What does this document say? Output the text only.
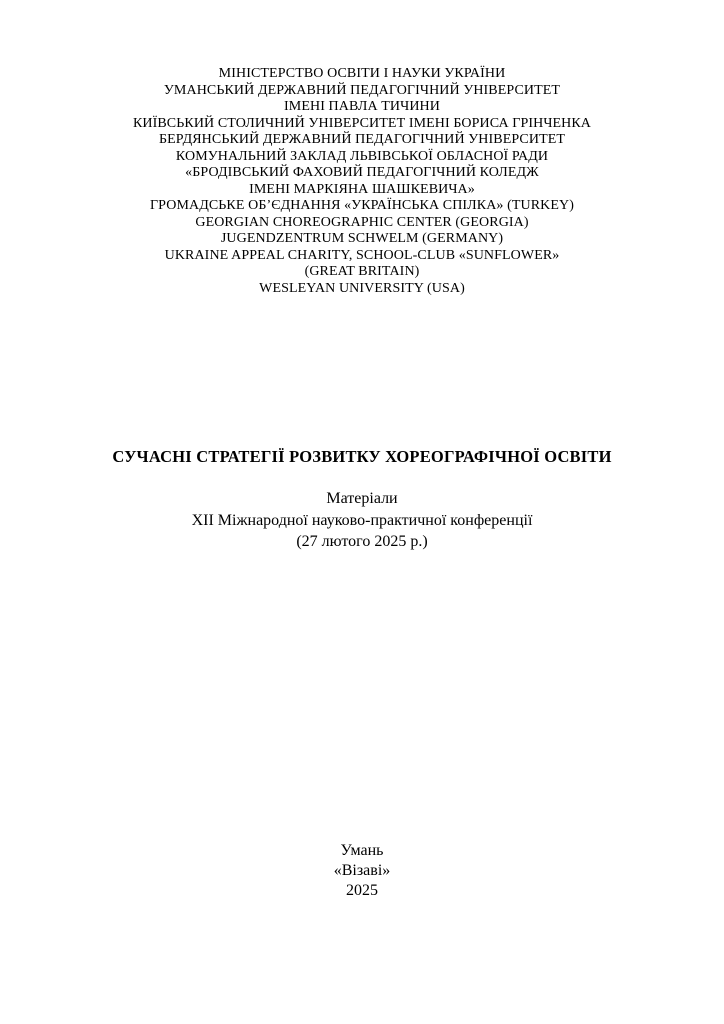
МІНІСТЕРСТВО ОСВІТИ І НАУКИ УКРАЇНИ
УМАНСЬКИЙ ДЕРЖАВНИЙ ПЕДАГОГІЧНИЙ УНІВЕРСИТЕТ
ІМЕНІ ПАВЛА ТИЧИНИ
КИЇВСЬКИЙ СТОЛИЧНИЙ УНІВЕРСИТЕТ ІМЕНІ БОРИСА ГРІНЧЕНКА
БЕРДЯНСЬКИЙ ДЕРЖАВНИЙ ПЕДАГОГІЧНИЙ УНІВЕРСИТЕТ
КОМУНАЛЬНИЙ ЗАКЛАД ЛЬВІВСЬКОЇ ОБЛАСНОЇ РАДИ
«БРОДІВСЬКИЙ ФАХОВИЙ ПЕДАГОГІЧНИЙ КОЛЕДЖ
ІМЕНІ МАРКІЯНА ШАШКЕВИЧА»
ГРОМАДСЬКЕ ОБ’ЄДНАННЯ «УКРАЇНСЬКА СПІЛКА» (TURKEY)
GEORGIAN CHOREOGRAPHIC CENTER (GEORGIA)
JUGENDZENTRUM SCHWELM (GERMANY)
UKRAINE APPEAL CHARITY, SCHOOL-CLUB «SUNFLOWER»
(GREAT BRITAIN)
WESLEYAN UNIVERSITY (USA)
СУЧАСНІ СТРАТЕГІЇ РОЗВИТКУ ХОРЕОГРАФІЧНОЇ ОСВІТИ
Матеріали
XII Міжнародної науково-практичної конференції
(27 лютого 2025 р.)
Умань
«Візаві»
2025
